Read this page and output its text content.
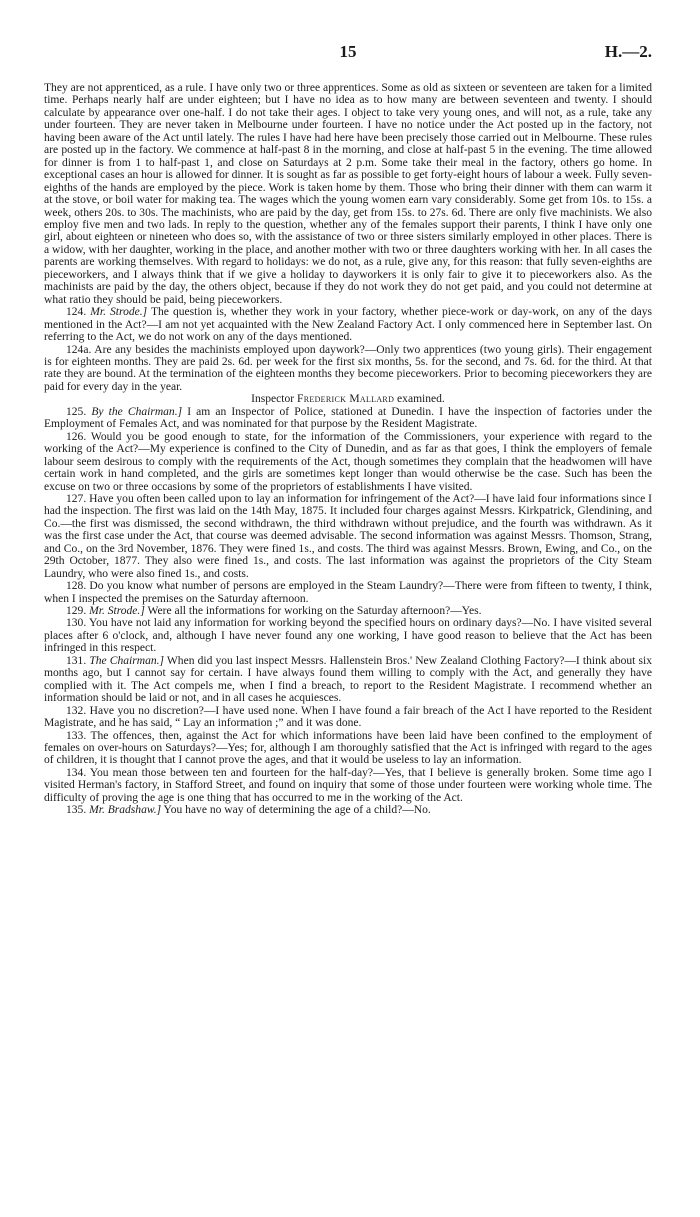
15	H.—2.

They are not apprenticed, as a rule. I have only two or three apprentices. Some as old as sixteen or seventeen are taken for a limited time. Perhaps nearly half are under eighteen; but I have no idea as to how many are between seventeen and twenty. I should calculate by appearance over one-half. I do not take their ages. I object to take very young ones, and will not, as a rule, take any under fourteen. They are never taken in Melbourne under fourteen. I have no notice under the Act posted up in the factory, not having been aware of the Act until lately. The rules I have had here have been precisely those carried out in Melbourne. These rules are posted up in the factory. We commence at half-past 8 in the morning, and close at half-past 5 in the evening. The time allowed for dinner is from 1 to half-past 1, and close on Saturdays at 2 p.m. Some take their meal in the factory, others go home. In exceptional cases an hour is allowed for dinner. It is sought as far as possible to get forty-eight hours of labour a week. Fully seven-eighths of the hands are employed by the piece. Work is taken home by them. Those who bring their dinner with them can warm it at the stove, or boil water for making tea. The wages which the young women earn vary considerably. Some get from 10s. to 15s. a week, others 20s. to 30s. The machinists, who are paid by the day, get from 15s. to 27s. 6d. There are only five machinists. We also employ five men and two lads. In reply to the question, whether any of the females support their parents, I think I have only one girl, about eighteen or nineteen who does so, with the assistance of two or three sisters similarly employed in other places. There is a widow, with her daughter, working in the place, and another mother with two or three daughters working with her. In all cases the parents are working themselves. With regard to holidays: we do not, as a rule, give any, for this reason: that fully seven-eighths are pieceworkers, and I always think that if we give a holiday to dayworkers it is only fair to give it to pieceworkers also. As the machinists are paid by the day, the others object, because if they do not work they do not get paid, and you could not determine at what ratio they should be paid, being pieceworkers.

124. Mr. Strode.] The question is, whether they work in your factory, whether piece-work or day-work, on any of the days mentioned in the Act?—I am not yet acquainted with the New Zealand Factory Act. I only commenced here in September last. On referring to the Act, we do not work on any of the days mentioned.

124a. Are any besides the machinists employed upon daywork?—Only two apprentices (two young girls). Their engagement is for eighteen months. They are paid 2s. 6d. per week for the first six months, 5s. for the second, and 7s. 6d. for the third. At that rate they are bound. At the termination of the eighteen months they become pieceworkers. Prior to becoming pieceworkers they are paid for every day in the year.

Inspector Frederick Mallard examined.

125. By the Chairman.] I am an Inspector of Police, stationed at Dunedin. I have the inspection of factories under the Employment of Females Act, and was nominated for that purpose by the Resident Magistrate.

126. Would you be good enough to state, for the information of the Commissioners, your experience with regard to the working of the Act?—My experience is confined to the City of Dunedin, and as far as that goes, I think the employers of female labour seem desirous to comply with the requirements of the Act, though sometimes they complain that the headwomen will have certain work in hand completed, and the girls are sometimes kept longer than would otherwise be the case. Such has been the excuse on two or three occasions by some of the proprietors of establishments I have visited.

127. Have you often been called upon to lay an information for infringement of the Act?—I have laid four informations since I had the inspection. The first was laid on the 14th May, 1875. It included four charges against Messrs. Kirkpatrick, Glendining, and Co.—the first was dismissed, the second withdrawn, the third withdrawn without prejudice, and the fourth was withdrawn. As it was the first case under the Act, that course was deemed advisable. The second information was against Messrs. Thomson, Strang, and Co., on the 3rd November, 1876. They were fined 1s., and costs. The third was against Messrs. Brown, Ewing, and Co., on the 29th October, 1877. They also were fined 1s., and costs. The last information was against the proprietors of the City Steam Laundry, who were also fined 1s., and costs.

128. Do you know what number of persons are employed in the Steam Laundry?—There were from fifteen to twenty, I think, when I inspected the premises on the Saturday afternoon.

129. Mr. Strode.] Were all the informations for working on the Saturday afternoon?—Yes.

130. You have not laid any information for working beyond the specified hours on ordinary days?—No. I have visited several places after 6 o'clock, and, although I have never found any one working, I have good reason to believe that the Act has been infringed in this respect.

131. The Chairman.] When did you last inspect Messrs. Hallenstein Bros.' New Zealand Clothing Factory?—I think about six months ago, but I cannot say for certain. I have always found them willing to comply with the Act, and generally they have complied with it. The Act compels me, when I find a breach, to report to the Resident Magistrate. I recommend whether an information should be laid or not, and in all cases he acquiesces.

132. Have you no discretion?—I have used none. When I have found a fair breach of the Act I have reported to the Resident Magistrate, and he has said, “ Lay an information ;” and it was done.

133. The offences, then, against the Act for which informations have been laid have been confined to the employment of females on over-hours on Saturdays?—Yes; for, although I am thoroughly satisfied that the Act is infringed with regard to the ages of children, it is thought that I cannot prove the ages, and that it would be useless to lay an information.

134. You mean those between ten and fourteen for the half-day?—Yes, that I believe is generally broken. Some time ago I visited Herman's factory, in Stafford Street, and found on inquiry that some of those under fourteen were working whole time. The difficulty of proving the age is one thing that has occurred to me in the working of the Act.

135. Mr. Bradshaw.] You have no way of determining the age of a child?—No.
